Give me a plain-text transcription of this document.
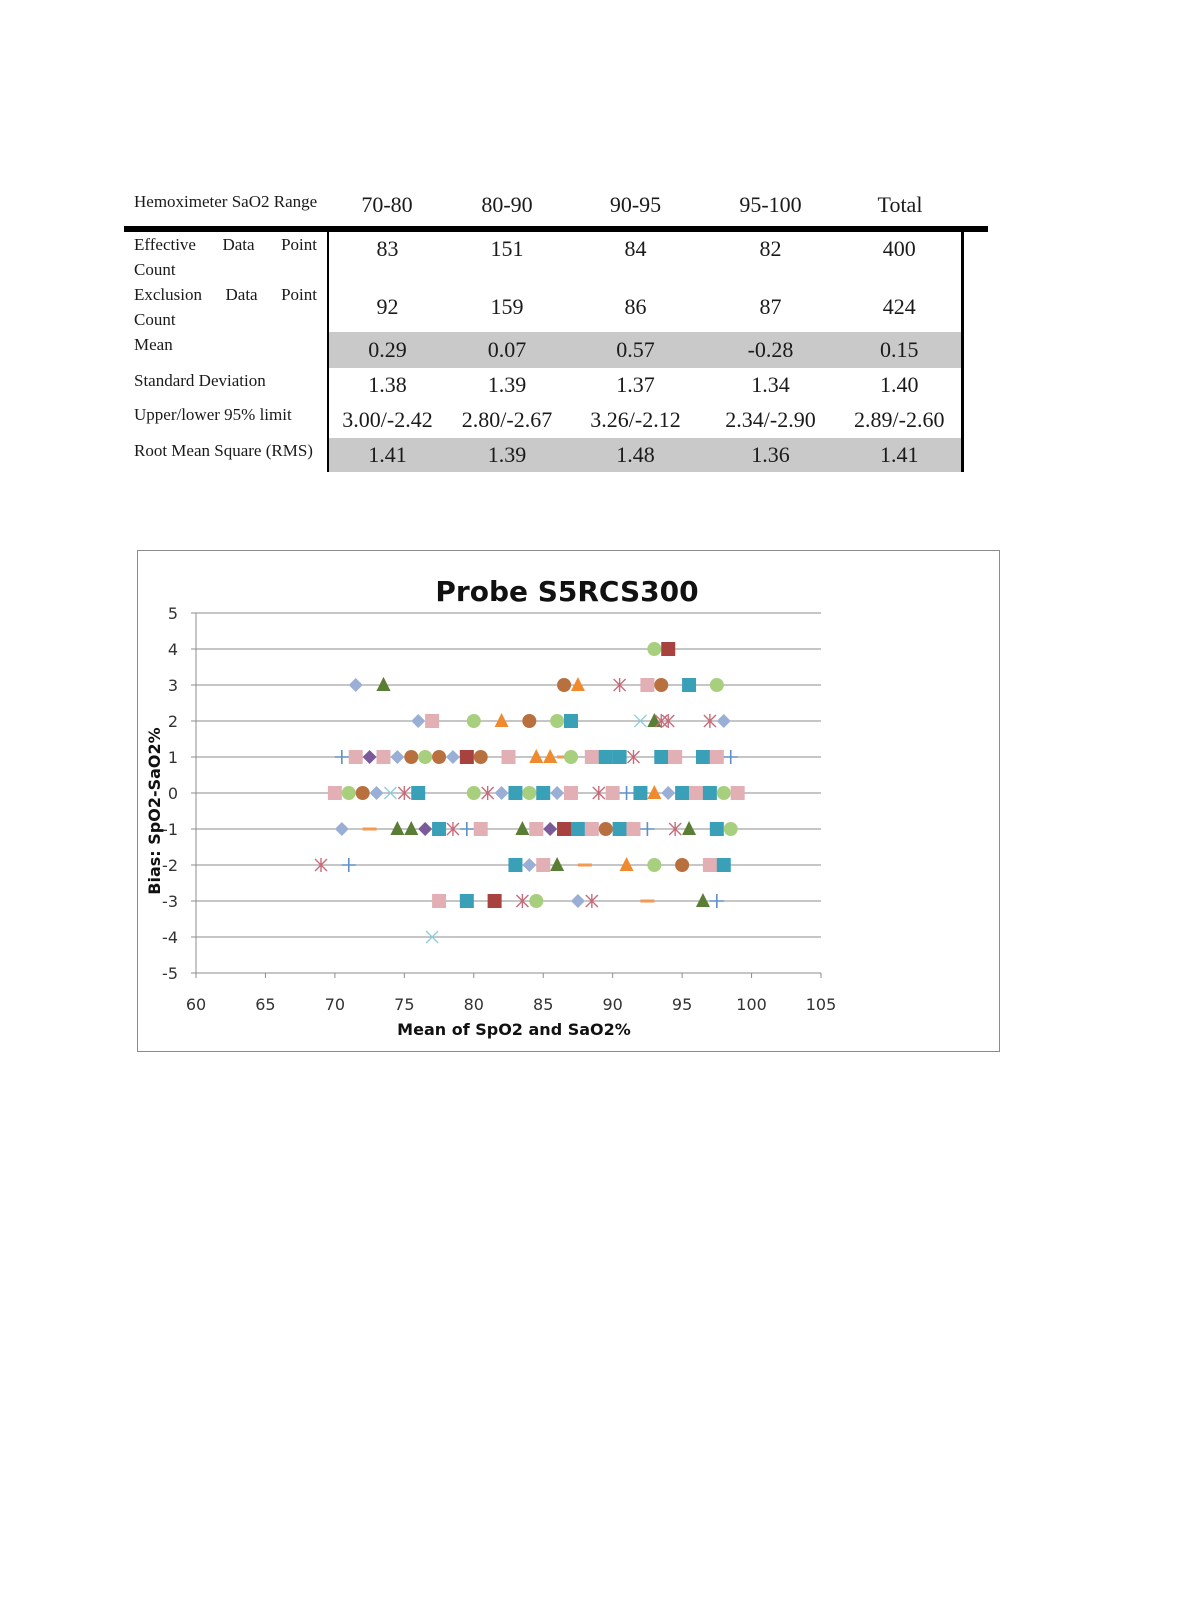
Hemoximeter SaO2 Range	70-80	80-90	90-95	95-100	Total	

Effective Data Point
Count	83	151	84	82	400	

Exclusion Data Point
Count	92	159	86	87	424	
Mean	0.29	0.07	0.57	-0.28	0.15	
Standard Deviation	1.38	1.39	1.37	1.34	1.40	
Upper/lower 95% limit	3.00/-2.42	2.80/-2.67	3.26/-2.12	2.34/-2.90	2.89/-2.60	
Root Mean Square (RMS)	1.41	1.39	1.48	1.36	1.41	
Probe S5RCS300
Mean of SpO2 and SaO2%
Bias: SpO2-SaO2%
5
4
3
2
1
0
-1
-2
-3
-4
-5
60	65	70	75	80	85	90	95	100 105
